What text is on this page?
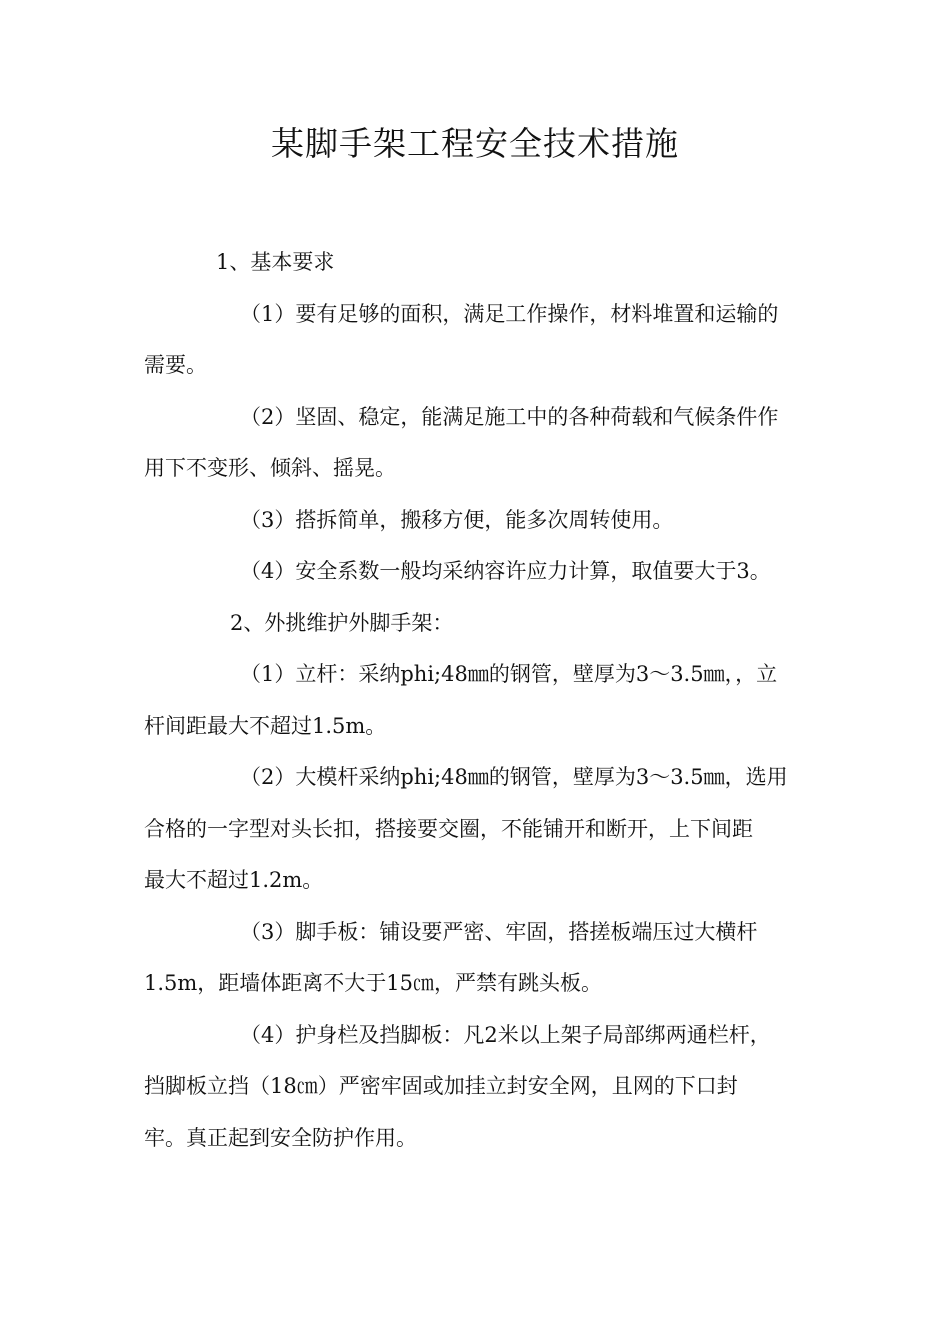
某脚手架工程安全技术措施

1、基本要求

（1）要有足够的面积，满足工作操作，材料堆置和运输的

需要。

（2）坚固、稳定，能满足施工中的各种荷载和气候条件作

用下不变形、倾斜、摇晃。

（3）搭拆简单，搬移方便，能多次周转使用。

（4）安全系数一般均采纳容许应力计算，取值要大于3。

2、外挑维护外脚手架：

（1）立杆：采纳phi;48㎜的钢管，壁厚为3～3.5㎜，，立

杆间距最大不超过1.5m。

（2）大模杆采纳phi;48㎜的钢管，壁厚为3～3.5㎜，选用

合格的一字型对头长扣，搭接要交圈，不能铺开和断开，上下间距

最大不超过1.2m。

（3）脚手板：铺设要严密、牢固，搭搓板端压过大横杆

1.5m，距墙体距离不大于15㎝，严禁有跳头板。

（4）护身栏及挡脚板：凡2米以上架子局部绑两通栏杆，

挡脚板立挡（18㎝）严密牢固或加挂立封安全网，且网的下口封

牢。真正起到安全防护作用。
